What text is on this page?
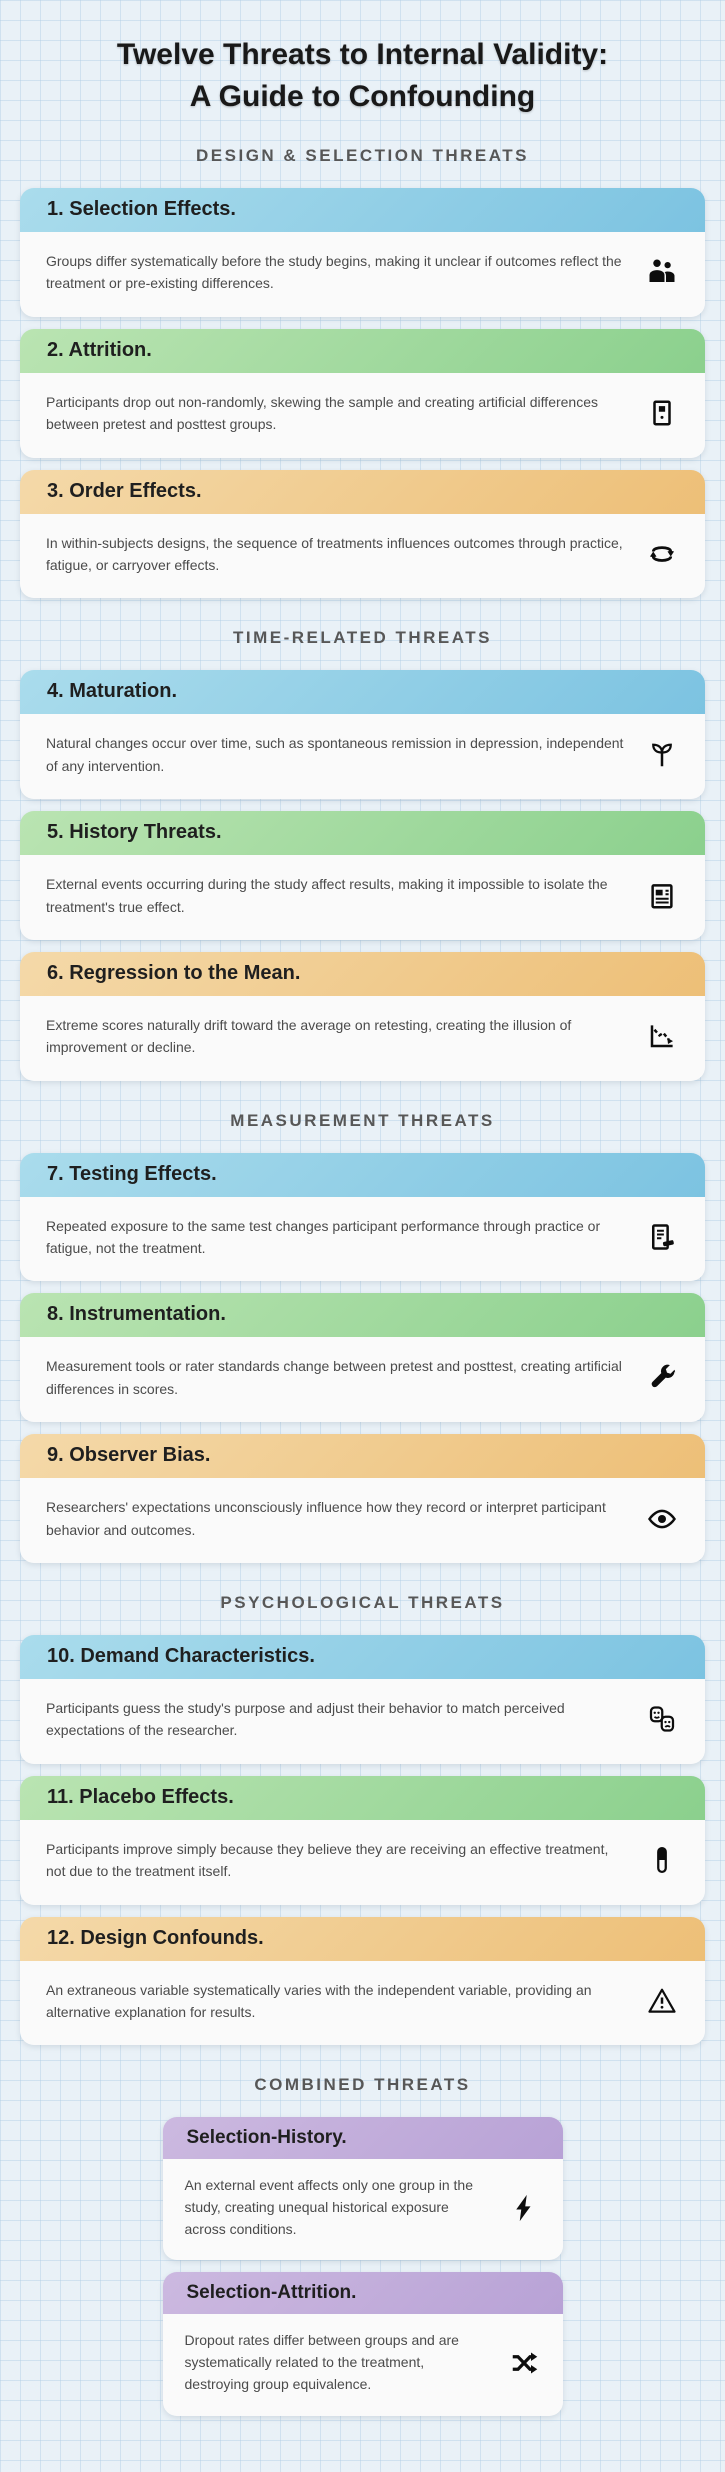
Twelve Threats to Internal Validity:
A Guide to Confounding
DESIGN & SELECTION THREATS
1. Selection Effects.

Groups differ systematically before the study begins, making it unclear if outcomes reflect the treatment or pre-existing differences.

2. Attrition.

Participants drop out non-randomly, skewing the sample and creating artificial differences between pretest and posttest groups.

3. Order Effects.

In within-subjects designs, the sequence of treatments influences outcomes through practice, fatigue, or carryover effects.

TIME-RELATED THREATS
4. Maturation.

Natural changes occur over time, such as spontaneous remission in depression, independent of any intervention.

5. History Threats.

External events occurring during the study affect results, making it impossible to isolate the treatment's true effect.

6. Regression to the Mean.

Extreme scores naturally drift toward the average on retesting, creating the illusion of improvement or decline.

MEASUREMENT THREATS
7. Testing Effects.

Repeated exposure to the same test changes participant performance through practice or fatigue, not the treatment.

8. Instrumentation.

Measurement tools or rater standards change between pretest and posttest, creating artificial differences in scores.

9. Observer Bias.

Researchers' expectations unconsciously influence how they record or interpret participant behavior and outcomes.

PSYCHOLOGICAL THREATS
10. Demand Characteristics.

Participants guess the study's purpose and adjust their behavior to match perceived expectations of the researcher.

11. Placebo Effects.

Participants improve simply because they believe they are receiving an effective treatment, not due to the treatment itself.

12. Design Confounds.

An extraneous variable systematically varies with the independent variable, providing an alternative explanation for results.

COMBINED THREATS
Selection-History.

An external event affects only one group in the study, creating unequal historical exposure across conditions.

Selection-Attrition.

Dropout rates differ between groups and are systematically related to the treatment, destroying group equivalence.
